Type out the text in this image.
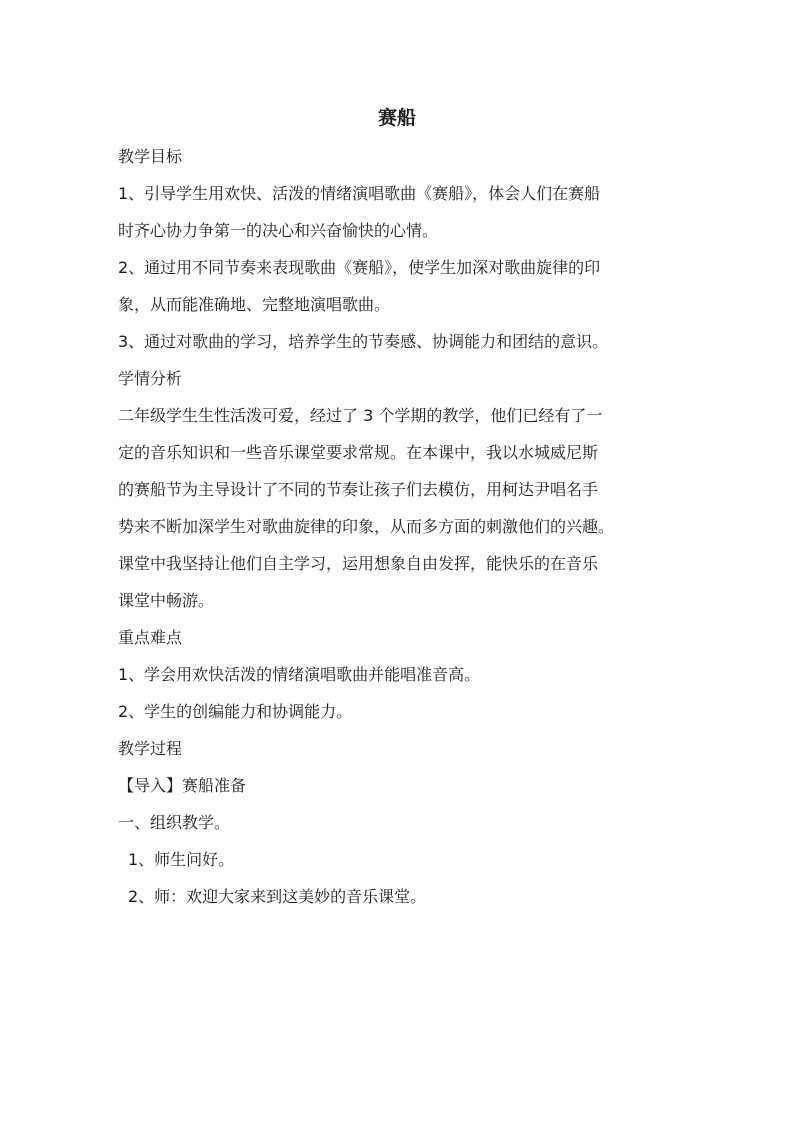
赛船

教学目标

1、引导学生用欢快、活泼的情绪演唱歌曲《赛船》，体会人们在赛船

时齐心协力争第一的决心和兴奋愉快的心情。

2、通过用不同节奏来表现歌曲《赛船》，使学生加深对歌曲旋律的印

象，从而能准确地、完整地演唱歌曲。

3、通过对歌曲的学习，培养学生的节奏感、协调能力和团结的意识。

学情分析

二年级学生生性活泼可爱，经过了 3 个学期的教学，他们已经有了一

定的音乐知识和一些音乐课堂要求常规。在本课中，我以水城威尼斯

的赛船节为主导设计了不同的节奏让孩子们去模仿，用柯达尹唱名手

势来不断加深学生对歌曲旋律的印象，从而多方面的刺激他们的兴趣。

课堂中我坚持让他们自主学习，运用想象自由发挥，能快乐的在音乐

课堂中畅游。

重点难点

1、学会用欢快活泼的情绪演唱歌曲并能唱准音高。

2、学生的创编能力和协调能力。

教学过程

【导入】赛船准备

一、组织教学。

1、师生问好。

2、师：欢迎大家来到这美妙的音乐课堂。
